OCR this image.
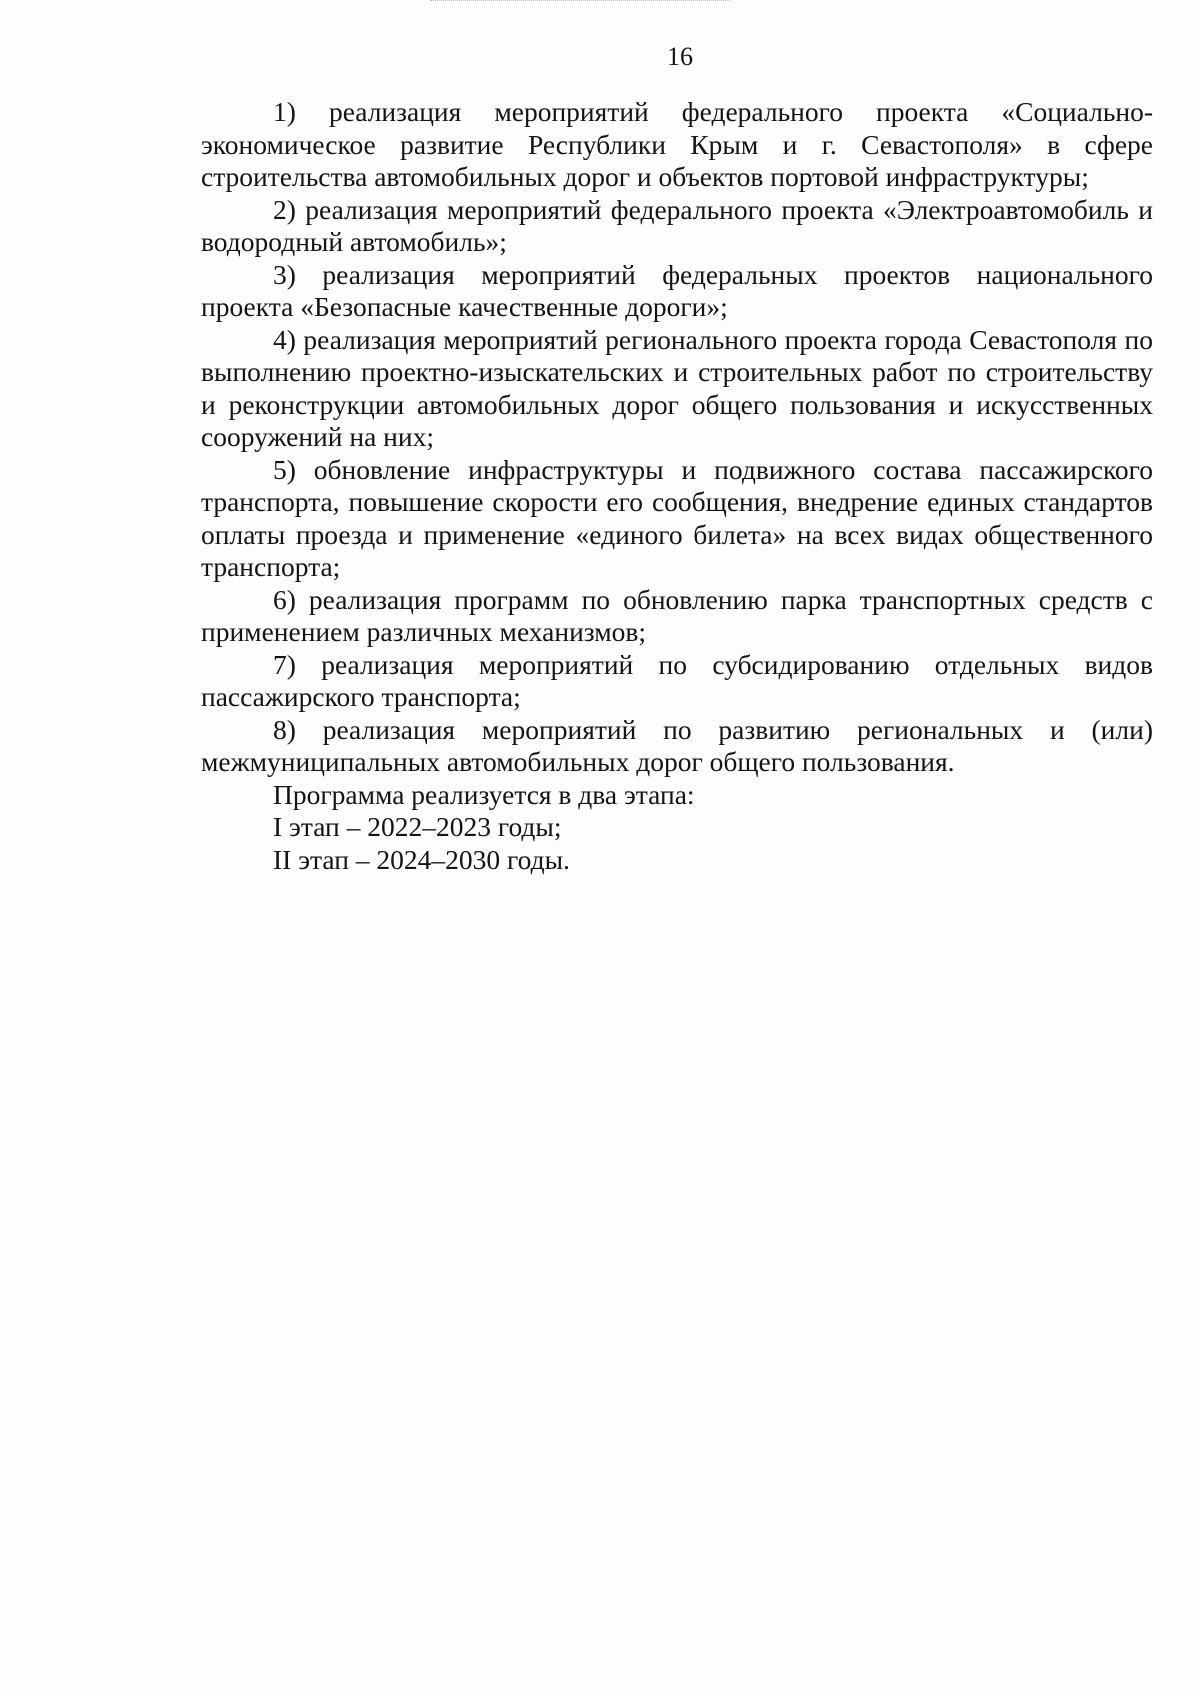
16

1) реализация мероприятий федерального проекта «Социально-экономическое развитие Республики Крым и г. Севастополя» в сфере строительства автомобильных дорог и объектов портовой инфраструктуры;

2) реализация мероприятий федерального проекта «Электроавтомобиль и водородный автомобиль»;

3) реализация мероприятий федеральных проектов национального проекта «Безопасные качественные дороги»;

4) реализация мероприятий регионального проекта города Севастополя по выполнению проектно-изыскательских и строительных работ по строительству и реконструкции автомобильных дорог общего пользования и искусственных сооружений на них;

5) обновление инфраструктуры и подвижного состава пассажирского транспорта, повышение скорости его сообщения, внедрение единых стандартов оплаты проезда и применение «единого билета» на всех видах общественного транспорта;

6) реализация программ по обновлению парка транспортных средств с применением различных механизмов;

7) реализация мероприятий по субсидированию отдельных видов пассажирского транспорта;

8) реализация мероприятий по развитию региональных и (или) межмуниципальных автомобильных дорог общего пользования.

Программа реализуется в два этапа:

I этап – 2022–2023 годы;

II этап – 2024–2030 годы.
